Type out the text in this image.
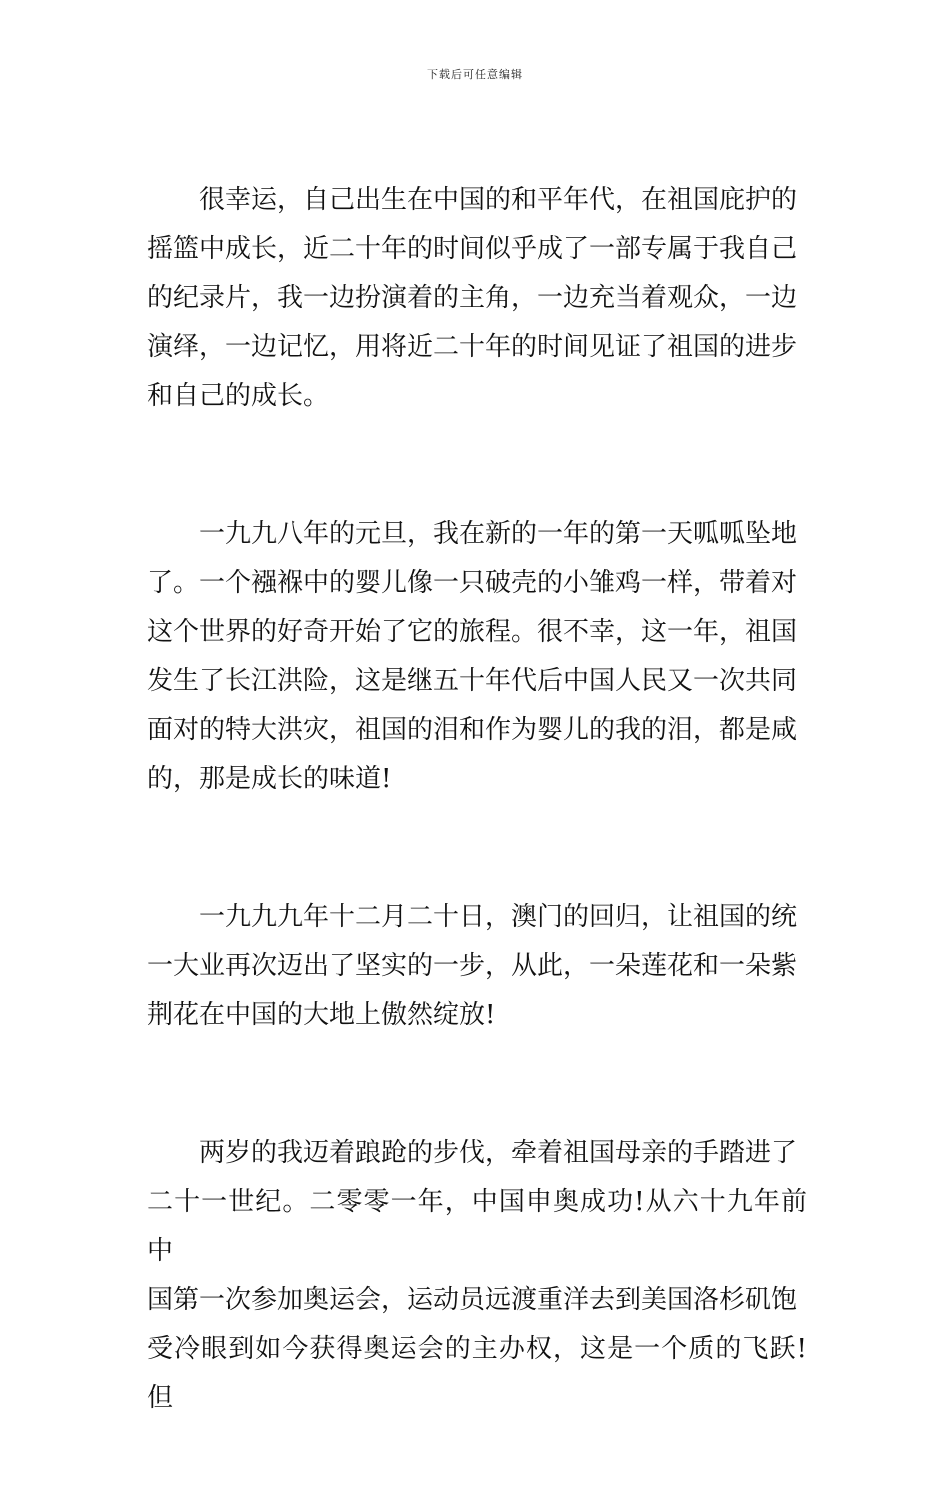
下载后可任意编辑

很幸运，自己出生在中国的和平年代，在祖国庇护的
摇篮中成长，近二十年的时间似乎成了一部专属于我自己
的纪录片，我一边扮演着的主角，一边充当着观众，一边
演绎，一边记忆，用将近二十年的时间见证了祖国的进步
和自己的成长。

一九九八年的元旦，我在新的一年的第一天呱呱坠地
了。一个襁褓中的婴儿像一只破壳的小雏鸡一样，带着对
这个世界的好奇开始了它的旅程。很不幸，这一年，祖国
发生了长江洪险，这是继五十年代后中国人民又一次共同
面对的特大洪灾，祖国的泪和作为婴儿的我的泪，都是咸
的，那是成长的味道!

一九九九年十二月二十日，澳门的回归，让祖国的统
一大业再次迈出了坚实的一步，从此，一朵莲花和一朵紫
荆花在中国的大地上傲然绽放!

两岁的我迈着踉跄的步伐，牵着祖国母亲的手踏进了
二十一世纪。二零零一年，中国申奥成功!从六十九年前中
国第一次参加奥运会，运动员远渡重洋去到美国洛杉矶饱
受冷眼到如今获得奥运会的主办权，这是一个质的飞跃!但
